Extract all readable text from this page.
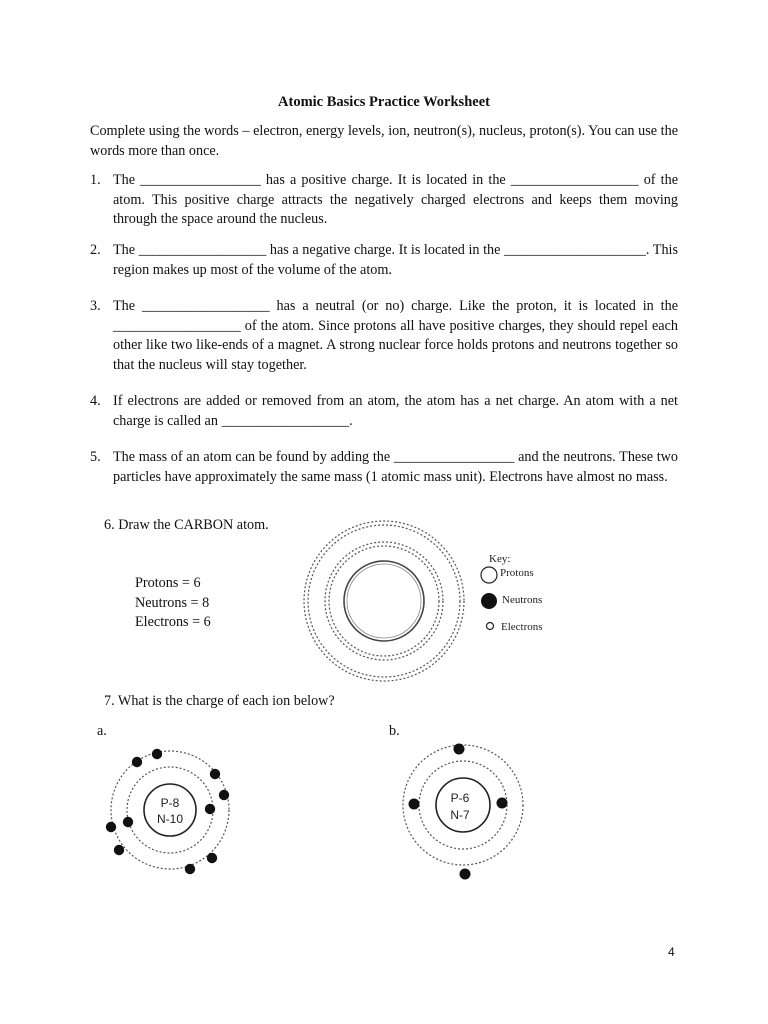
Atomic Basics Practice Worksheet
Complete using the words – electron, energy levels, ion, neutron(s), nucleus, proton(s). You can use the words more than once.
1. The _________________ has a positive charge. It is located in the __________________ of the atom. This positive charge attracts the negatively charged electrons and keeps them moving through the space around the nucleus.
2. The __________________ has a negative charge. It is located in the ____________________. This region makes up most of the volume of the atom.
3. The __________________ has a neutral (or no) charge. Like the proton, it is located in the __________________ of the atom. Since protons all have positive charges, they should repel each other like two like-ends of a magnet. A strong nuclear force holds protons and neutrons together so that the nucleus will stay together.
4. If electrons are added or removed from an atom, the atom has a net charge. An atom with a net charge is called an __________________.
5. The mass of an atom can be found by adding the _________________ and the neutrons. These two particles have approximately the same mass (1 atomic mass unit). Electrons have almost no mass.
6. Draw the CARBON atom.
Protons = 6
Neutrons = 8
Electrons = 6
Key:
Protons
Neutrons
Electrons
7. What is the charge of each ion below?
a.	b.
P-8
N-10
P-6
N-7
4
